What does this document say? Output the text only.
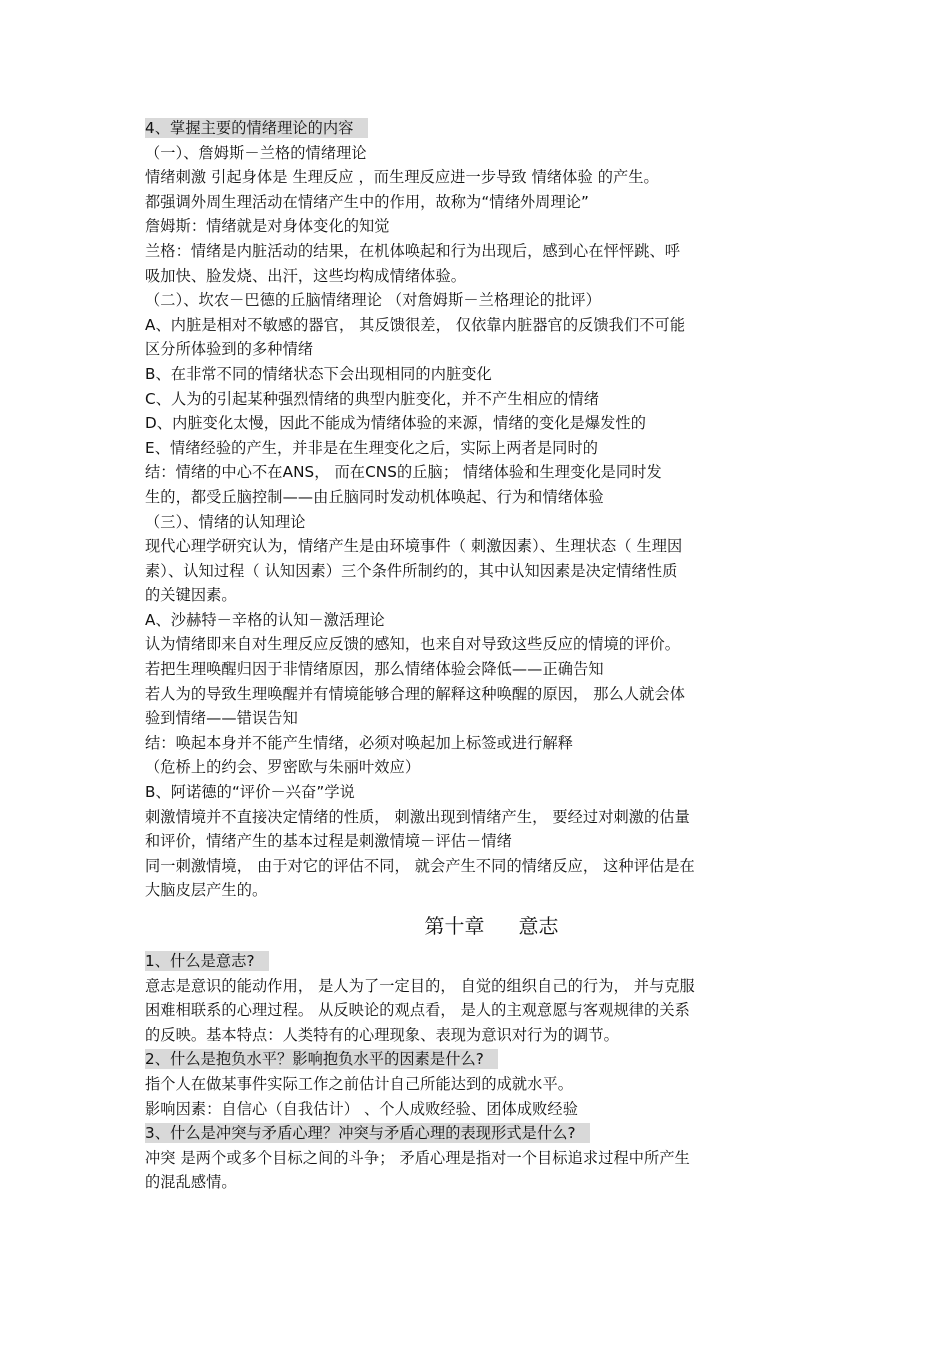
4、掌握主要的情绪理论的内容
（一）、詹姆斯－兰格的情绪理论
情绪刺激 引起身体是 生理反应 ，而生理反应进一步导致 情绪体验 的产生。
都强调外周生理活动在情绪产生中的作用，故称为“情绪外周理论”
詹姆斯：情绪就是对身体变化的知觉
兰格：情绪是内脏活动的结果，在机体唤起和行为出现后，感到心在怦怦跳、呼
吸加快、脸发烧、出汗，这些均构成情绪体验。
（二）、坎农－巴德的丘脑情绪理论 （对詹姆斯－兰格理论的批评）
A、内脏是相对不敏感的器官， 其反馈很差， 仅依靠内脏器官的反馈我们不可能
区分所体验到的多种情绪
B、在非常不同的情绪状态下会出现相同的内脏变化
C、人为的引起某种强烈情绪的典型内脏变化，并不产生相应的情绪
D、内脏变化太慢，因此不能成为情绪体验的来源，情绪的变化是爆发性的
E、情绪经验的产生，并非是在生理变化之后，实际上两者是同时的
结：情绪的中心不在ANS， 而在CNS的丘脑； 情绪体验和生理变化是同时发
生的，都受丘脑控制——由丘脑同时发动机体唤起、行为和情绪体验
（三）、情绪的认知理论
现代心理学研究认为，情绪产生是由环境事件（ 刺激因素）、生理状态（ 生理因
素）、认知过程（ 认知因素）三个条件所制约的，其中认知因素是决定情绪性质
的关键因素。
A、沙赫特－辛格的认知－激活理论
认为情绪即来自对生理反应反馈的感知，也来自对导致这些反应的情境的评价。
若把生理唤醒归因于非情绪原因，那么情绪体验会降低——正确告知
若人为的导致生理唤醒并有情境能够合理的解释这种唤醒的原因， 那么人就会体
验到情绪——错误告知
结：唤起本身并不能产生情绪，必须对唤起加上标签或进行解释
（危桥上的约会、罗密欧与朱丽叶效应）
B、阿诺德的“评价－兴奋”学说
刺激情境并不直接决定情绪的性质， 刺激出现到情绪产生， 要经过对刺激的估量
和评价，情绪产生的基本过程是刺激情境－评估－情绪
同一刺激情境， 由于对它的评估不同， 就会产生不同的情绪反应， 这种评估是在
大脑皮层产生的。
第十章 意志
1、什么是意志?
意志是意识的能动作用， 是人为了一定目的， 自觉的组织自己的行为， 并与克服
困难相联系的心理过程。 从反映论的观点看， 是人的主观意愿与客观规律的关系
的反映。基本特点：人类特有的心理现象、表现为意识对行为的调节。
2、什么是抱负水平？影响抱负水平的因素是什么?
指个人在做某事件实际工作之前估计自己所能达到的成就水平。
影响因素：自信心（自我估计） 、个人成败经验、团体成败经验
3、什么是冲突与矛盾心理？冲突与矛盾心理的表现形式是什么?
冲突 是两个或多个目标之间的斗争； 矛盾心理是指对一个目标追求过程中所产生
的混乱感情。
